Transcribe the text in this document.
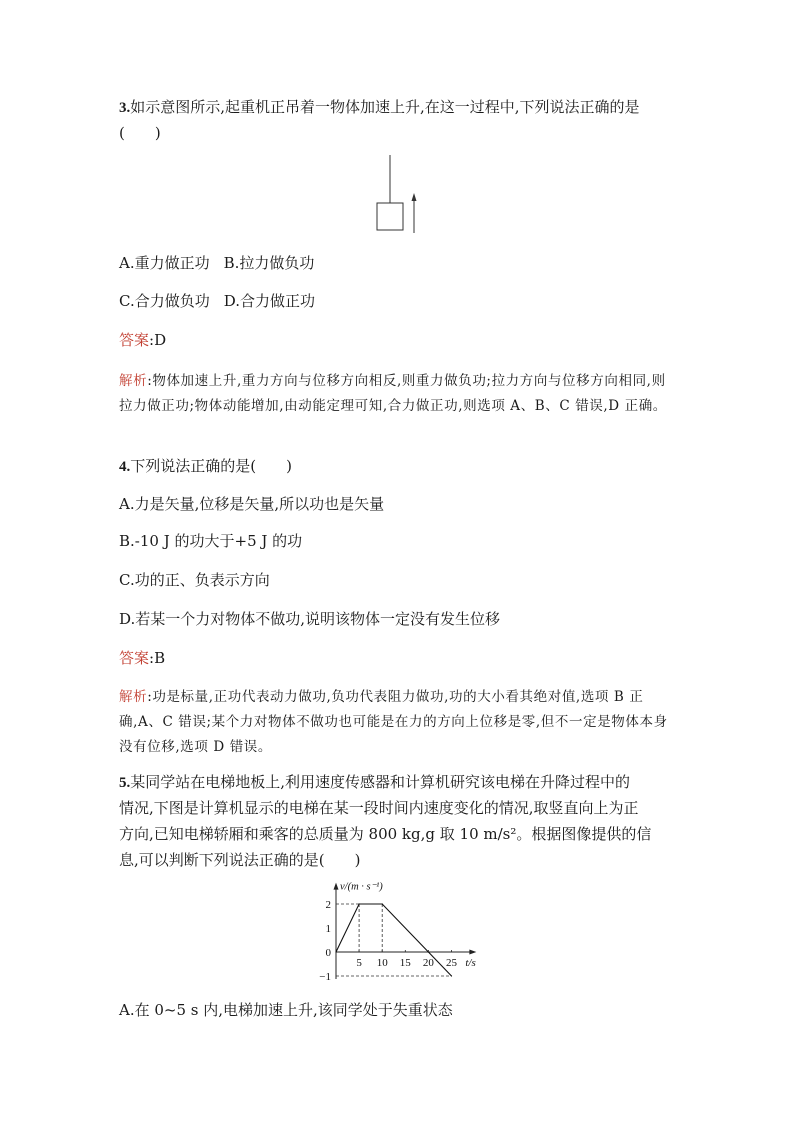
3.如示意图所示,起重机正吊着一物体加速上升,在这一过程中,下列说法正确的是
(　　)
A.重力做正功 B.拉力做负功
C.合力做负功 D.合力做正功
答案:D
解析:物体加速上升,重力方向与位移方向相反,则重力做负功;拉力方向与位移方向相同,则拉力做正功;物体动能增加,由动能定理可知,合力做正功,则选项 A、B、C 错误,D 正确。
4.下列说法正确的是(　　)
A.力是矢量,位移是矢量,所以功也是矢量
B.-10 J 的功大于+5 J 的功
C.功的正、负表示方向
D.若某一个力对物体不做功,说明该物体一定没有发生位移
答案:B
解析:功是标量,正功代表动力做功,负功代表阻力做功,功的大小看其绝对值,选项 B 正确,A、C 错误;某个力对物体不做功也可能是在力的方向上位移是零,但不一定是物体本身没有位移,选项 D 错误。
5.某同学站在电梯地板上,利用速度传感器和计算机研究该电梯在升降过程中的
情况,下图是计算机显示的电梯在某一段时间内速度变化的情况,取竖直向上为正
方向,已知电梯轿厢和乘客的总质量为 800 kg,g 取 10 m/s²。根据图像提供的信
息,可以判断下列说法正确的是(　　)
5 10 15 20 25
2
1
0
−1
v/(m · s⁻¹)
t/s
A.在 0~5 s 内,电梯加速上升,该同学处于失重状态
